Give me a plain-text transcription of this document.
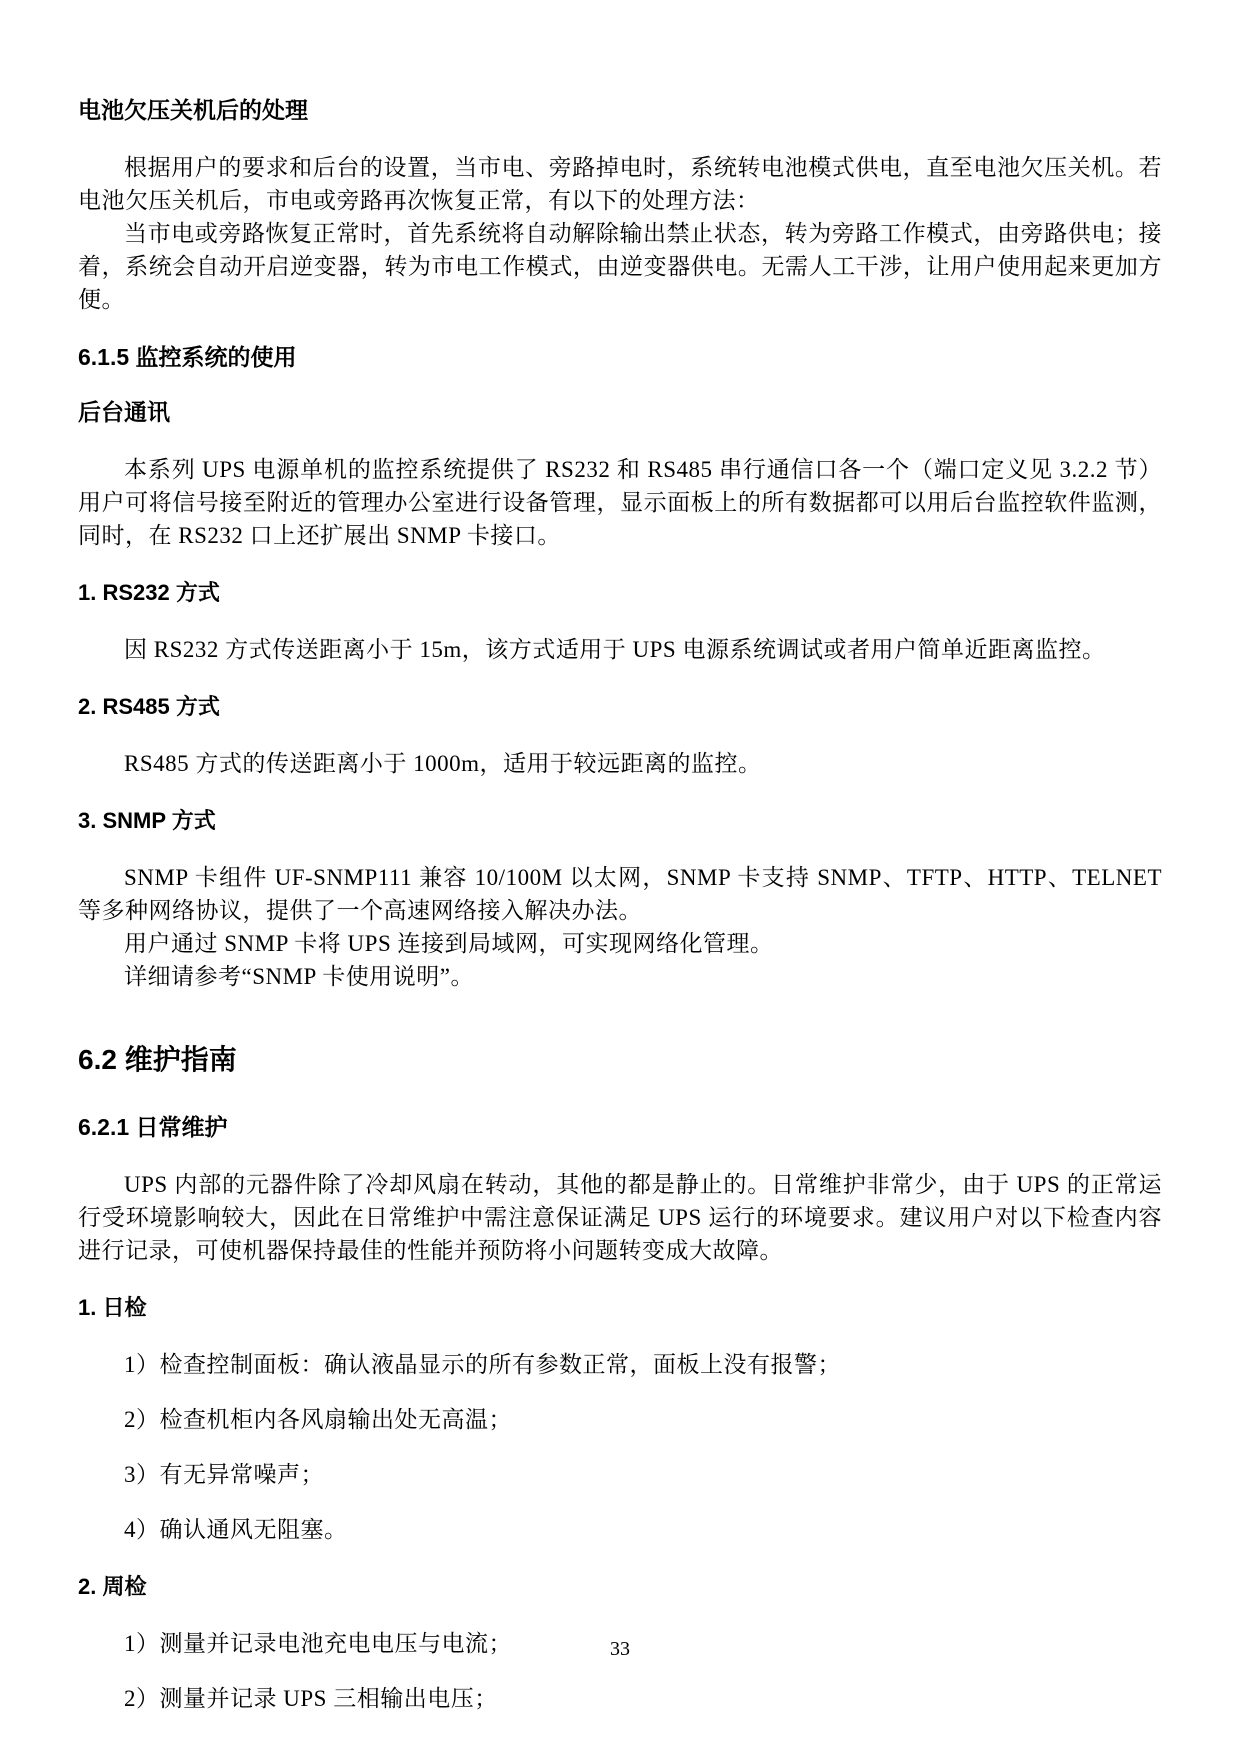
电池欠压关机后的处理

根据用户的要求和后台的设置，当市电、旁路掉电时，系统转电池模式供电，直至电池欠压关机。若电池欠压关机后，市电或旁路再次恢复正常，有以下的处理方法：

当市电或旁路恢复正常时，首先系统将自动解除输出禁止状态，转为旁路工作模式，由旁路供电；接着，系统会自动开启逆变器，转为市电工作模式，由逆变器供电。无需人工干涉，让用户使用起来更加方便。

6.1.5 监控系统的使用
后台通讯

本系列 UPS 电源单机的监控系统提供了 RS232 和 RS485 串行通信口各一个（端口定义见 3.2.2 节）用户可将信号接至附近的管理办公室进行设备管理，显示面板上的所有数据都可以用后台监控软件监测，同时，在 RS232 口上还扩展出 SNMP 卡接口。

1. RS232 方式

因 RS232 方式传送距离小于 15m，该方式适用于 UPS 电源系统调试或者用户简单近距离监控。

2. RS485 方式

RS485 方式的传送距离小于 1000m，适用于较远距离的监控。

3. SNMP 方式

SNMP 卡组件 UF-SNMP111 兼容 10/100M 以太网，SNMP 卡支持 SNMP、TFTP、HTTP、TELNET 等多种网络协议，提供了一个高速网络接入解决办法。

用户通过 SNMP 卡将 UPS 连接到局域网，可实现网络化管理。

详细请参考“SNMP 卡使用说明”。

6.2 维护指南
6.2.1 日常维护

UPS 内部的元器件除了冷却风扇在转动，其他的都是静止的。日常维护非常少，由于 UPS 的正常运行受环境影响较大，因此在日常维护中需注意保证满足 UPS 运行的环境要求。建议用户对以下检查内容进行记录，可使机器保持最佳的性能并预防将小问题转变成大故障。

1. 日检
1）检查控制面板：确认液晶显示的所有参数正常，面板上没有报警；
2）检查机柜内各风扇输出处无高温；
3）有无异常噪声；
4）确认通风无阻塞。
2. 周检
1）测量并记录电池充电电压与电流；
2）测量并记录 UPS 三相输出电压；
33
